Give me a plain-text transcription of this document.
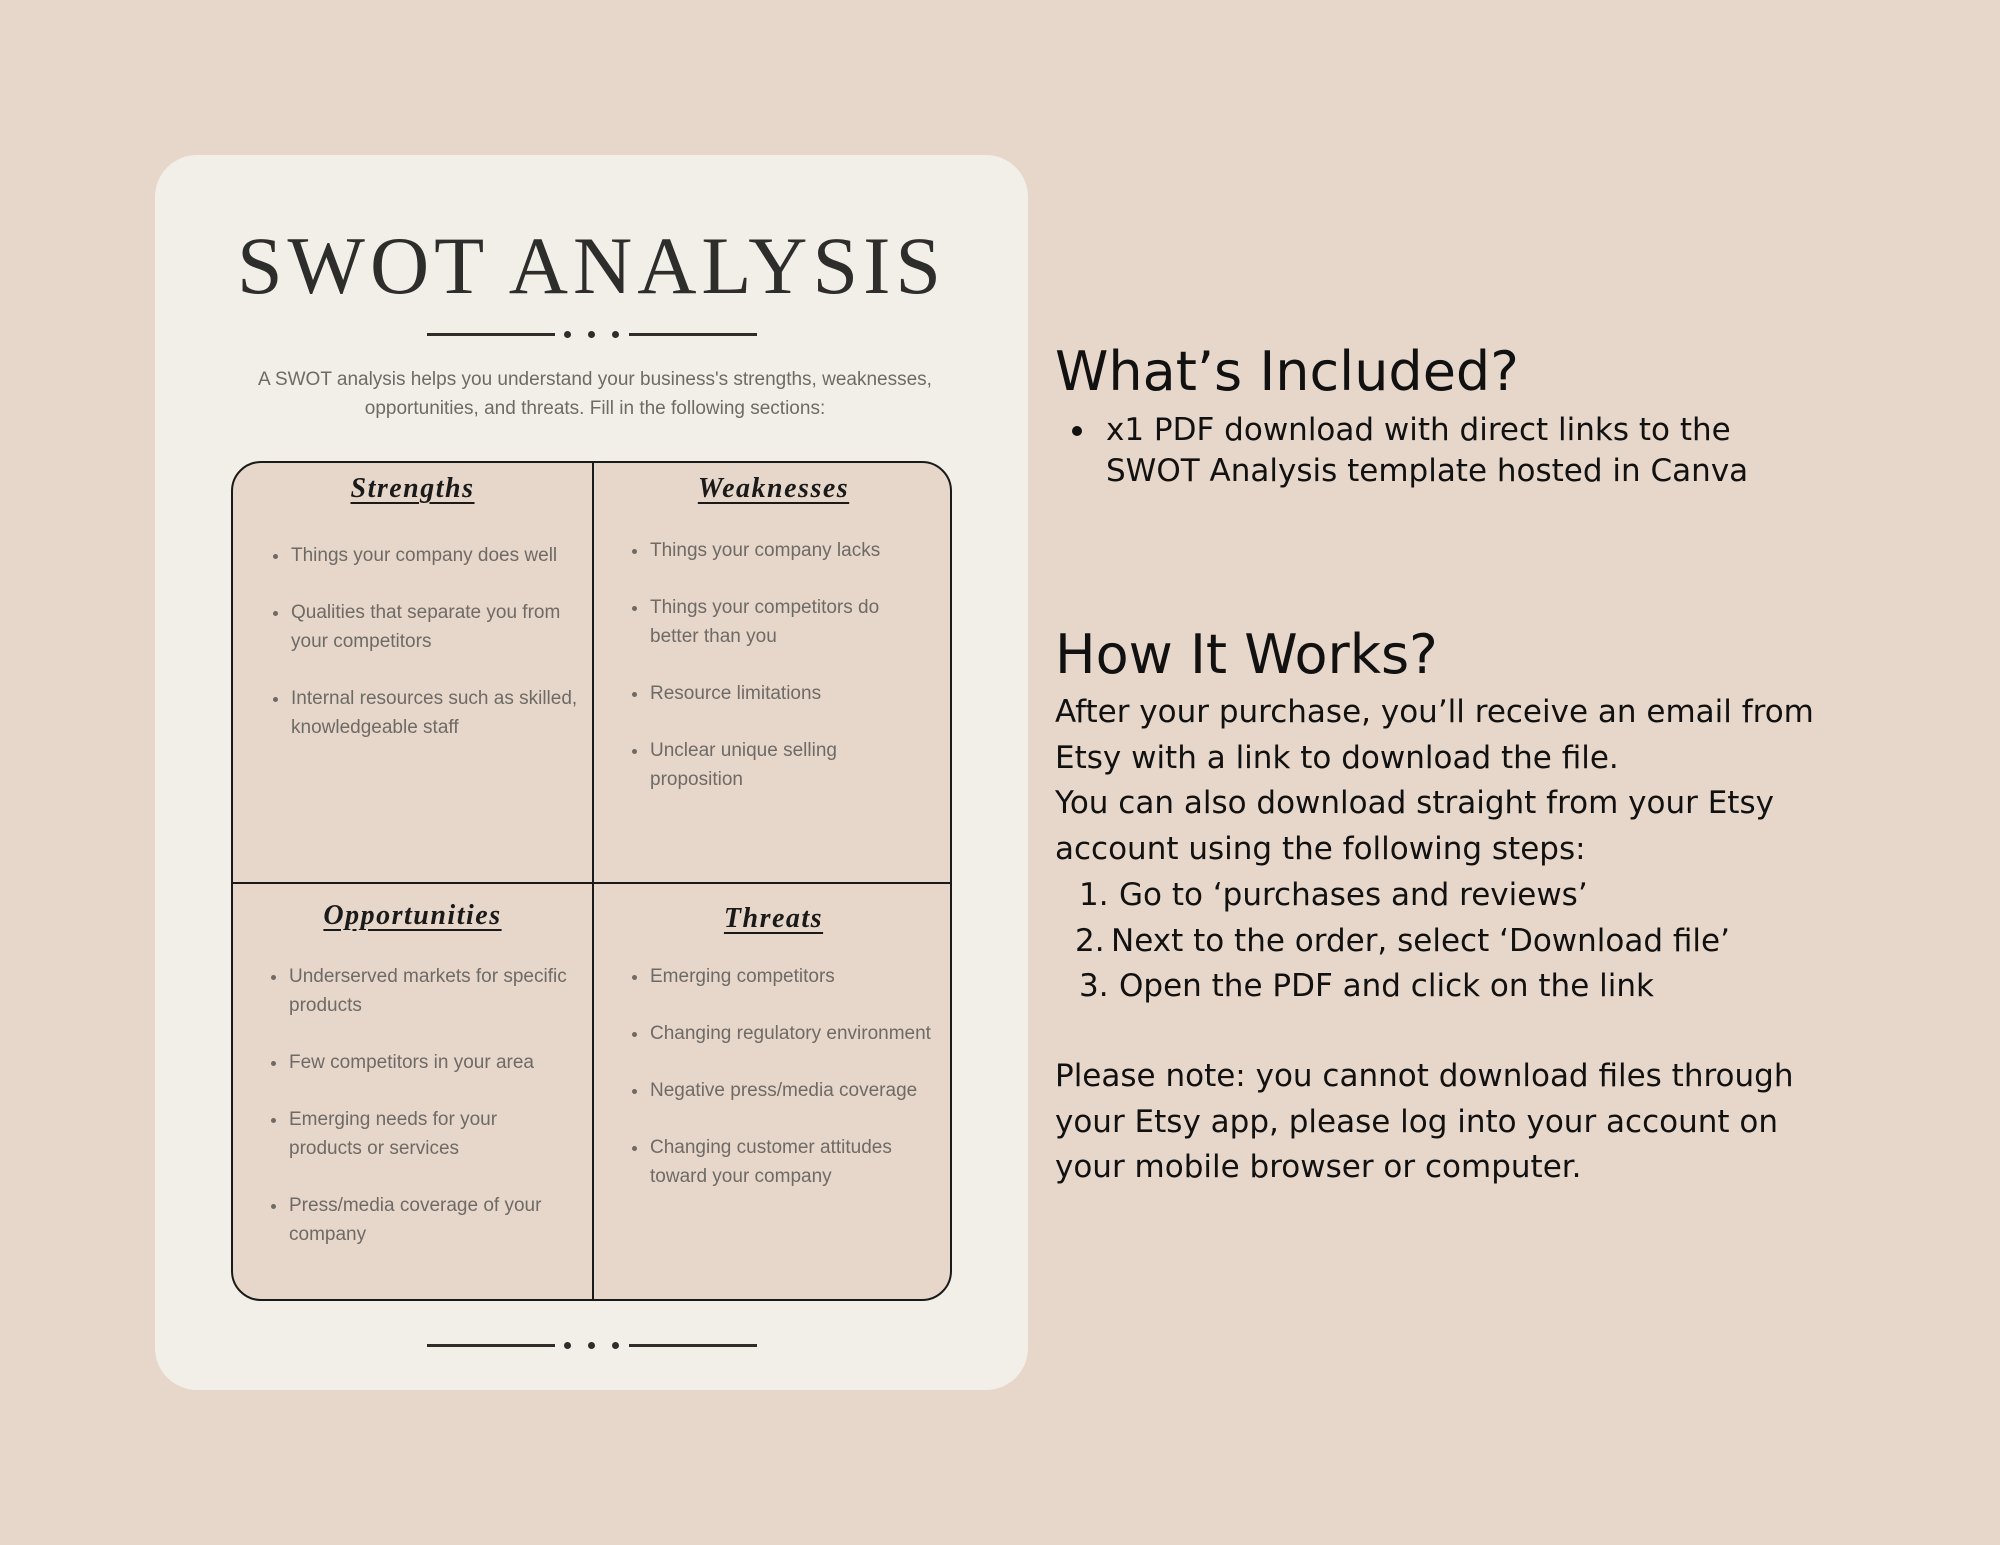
SWOT ANALYSIS

A SWOT analysis helps you understand your business's strengths, weaknesses,
opportunities, and threats. Fill in the following sections:

Strengths
Things your company does well
Qualities that separate you from your competitors
Internal resources such as skilled, knowledgeable staff
Weaknesses
Things your company lacks
Things your competitors do better than you
Resource limitations
Unclear unique selling proposition
Opportunities
Underserved markets for specific products
Few competitors in your area
Emerging needs for your products or services
Press/media coverage of your company
Threats
Emerging competitors
Changing regulatory environment
Negative press/media coverage
Changing customer attitudes toward your company
What’s Included?
x1 PDF download with direct links to the SWOT Analysis template hosted in Canva
How It Works?

After your purchase, you’ll receive an email from
Etsy with a link to download the file.
You can also download straight from your Etsy
account using the following steps:

1. Go to ‘purchases and reviews’
2. Next to the order, select ‘Download file’
3. Open the PDF and click on the link

Please note: you cannot download files through
your Etsy app, please log into your account on
your mobile browser or computer.
